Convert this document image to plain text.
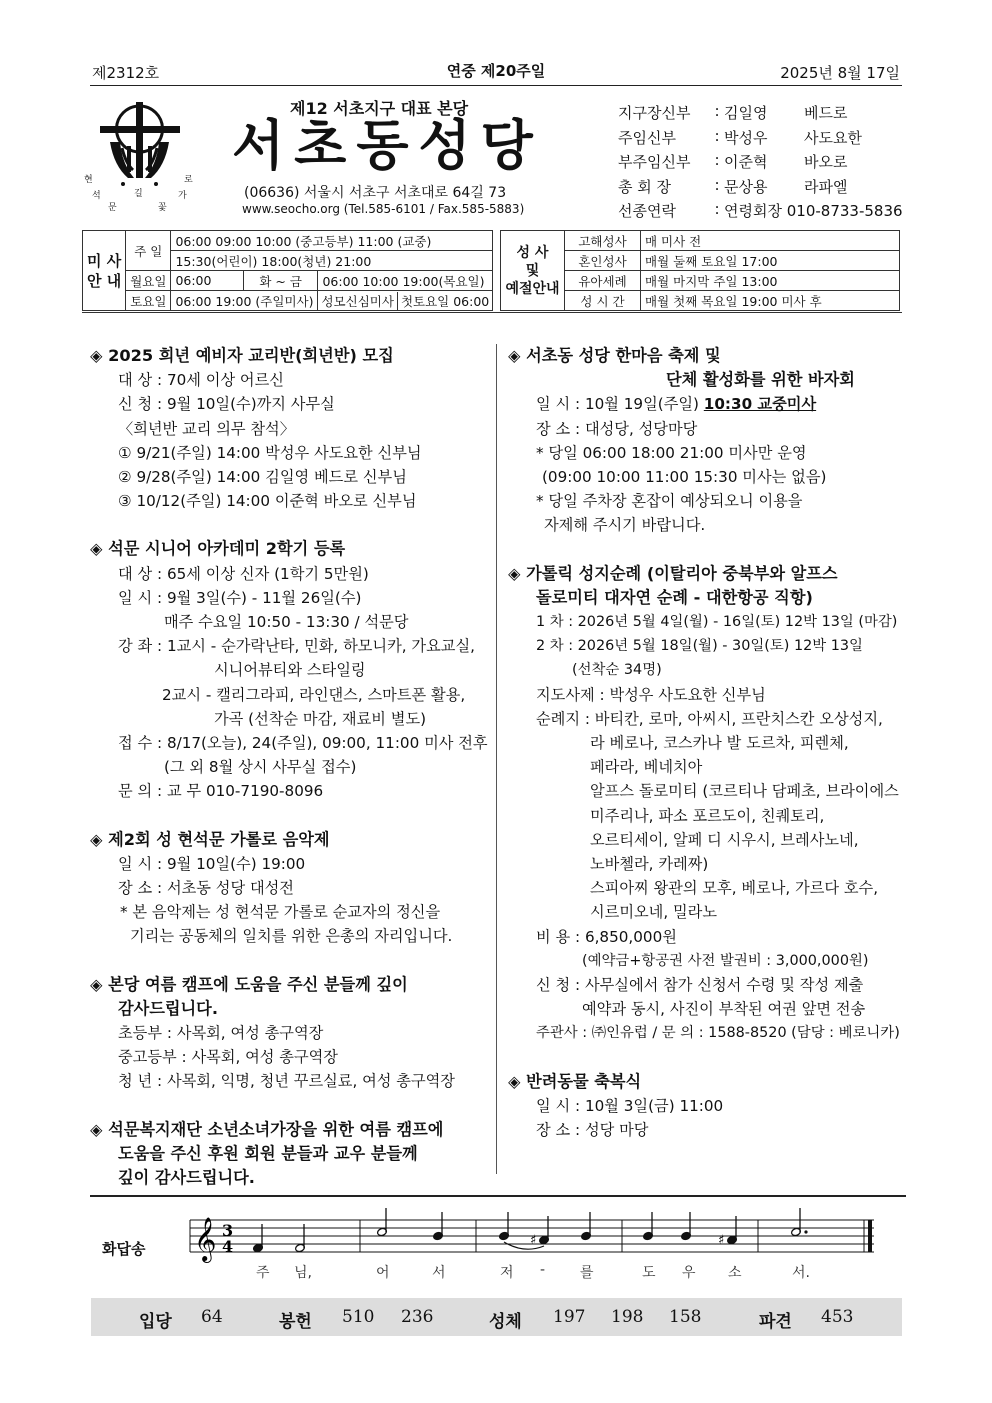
제2312호	연중 제20주일	2025년 8월 17일
현
석
문
로
가
꽃
길
제12 서초지구 대표 본당
서초동성당
(06636) 서울시 서초구 서초대로 64길 73
www.seocho.org (Tel.585-6101 / Fax.585-5883)
지구장신부	: 김일영	베드로
주임신부	: 박성우	사도요한
부주임신부	: 이준혁	바오로
총 회 장	: 문상용	라파엘
선종연락	: 연령회장 010-8733-5836
미 사
안 내	주 일	06:00 09:00 10:00 (중고등부) 11:00 (교중)		
		15:30(어린이) 18:00(청년) 21:00		
	월요일	06:00	화 ~ 금	06:00 10:00 19:00(목요일)
	토요일	06:00 19:00 (주일미사)		성모신심미사 첫토요일 06:00
성 사
및
예절안내	고해성사	매 미사 전
	혼인성사	매월 둘째 토요일 17:00
	유아세례	매월 마지막 주일 13:00
	성 시 간	매월 첫째 목요일 19:00 미사 후
◈ 2025 희년 예비자 교리반(희년반) 모집
대 상 : 70세 이상 어르신
신 청 : 9월 10일(수)까지 사무실
〈희년반 교리 의무 참석〉
① 9/21(주일) 14:00 박성우 사도요한 신부님
② 9/28(주일) 14:00 김일영 베드로 신부님
③ 10/12(주일) 14:00 이준혁 바오로 신부님
◈ 석문 시니어 아카데미 2학기 등록
대 상 : 65세 이상 신자 (1학기 5만원)
일 시 : 9월 3일(수) - 11월 26일(수)
매주 수요일 10:50 - 13:30 / 석문당
강 좌 : 1교시 - 순가락난타, 민화, 하모니카, 가요교실,
시니어뷰티와 스타일링
2교시 - 캘리그라피, 라인댄스, 스마트폰 활용,
가곡 (선착순 마감, 재료비 별도)
접 수 : 8/17(오늘), 24(주일), 09:00, 11:00 미사 전후
(그 외 8월 상시 사무실 접수)
문 의 : 교 무 010-7190-8096
◈ 제2회 성 현석문 가롤로 음악제
일 시 : 9월 10일(수) 19:00
장 소 : 서초동 성당 대성전
* 본 음악제는 성 현석문 가롤로 순교자의 정신을
기리는 공동체의 일치를 위한 은총의 자리입니다.
◈ 본당 여름 캠프에 도움을 주신 분들께 깊이
감사드립니다.
초등부 : 사목회, 여성 총구역장
중고등부 : 사목회, 여성 총구역장
청 년 : 사목회, 익명, 청년 꾸르실료, 여성 총구역장
◈ 석문복지재단 소년소녀가장을 위한 여름 캠프에
도움을 주신 후원 회원 분들과 교우 분들께
깊이 감사드립니다.
◈ 서초동 성당 한마음 축제 및
단체 활성화를 위한 바자회
일 시 : 10월 19일(주일) 10:30 교중미사
장 소 : 대성당, 성당마당
* 당일 06:00 18:00 21:00 미사만 운영
(09:00 10:00 11:00 15:30 미사는 없음)
* 당일 주차장 혼잡이 예상되오니 이용을
자제해 주시기 바랍니다.
◈ 가톨릭 성지순례 (이탈리아 중북부와 알프스
돌로미티 대자연 순례 - 대한항공 직항)
1 차 : 2026년 5월 4일(월) - 16일(토) 12박 13일 (마감)
2 차 : 2026년 5월 18일(월) - 30일(토) 12박 13일
(선착순 34명)
지도사제 : 박성우 사도요한 신부님
순례지 : 바티칸, 로마, 아씨시, 프란치스칸 오상성지,
라 베로나, 코스카나 발 도르차, 피렌체,
페라라, 베네치아
알프스 돌로미티 (코르티나 담페초, 브라이에스
미주리나, 파소 포르도이, 친퀘토리,
오르티세이, 알페 디 시우시, 브레사노네,
노바첼라, 카레짜)
스피아찌 왕관의 모후, 베로나, 가르다 호수,
시르미오네, 밀라노
비 용 : 6,850,000원
(예약금+항공권 사전 발권비 : 3,000,000원)
신 청 : 사무실에서 참가 신청서 수령 및 작성 제출
예약과 동시, 사진이 부착된 여권 앞면 전송
주관사 : ㈜인유럽 / 문 의 : 1588-8520 (담당 : 베로니카)
◈ 반려동물 축복식
일 시 : 10월 3일(금) 11:00
장 소 : 성당 마당
화답송 𝄞 3
4	♯	♯
주 님,	어	서	저 - 를	도 우 소	서.
입당 64	봉헌 510 236	성체 197 198 158	파견 453
